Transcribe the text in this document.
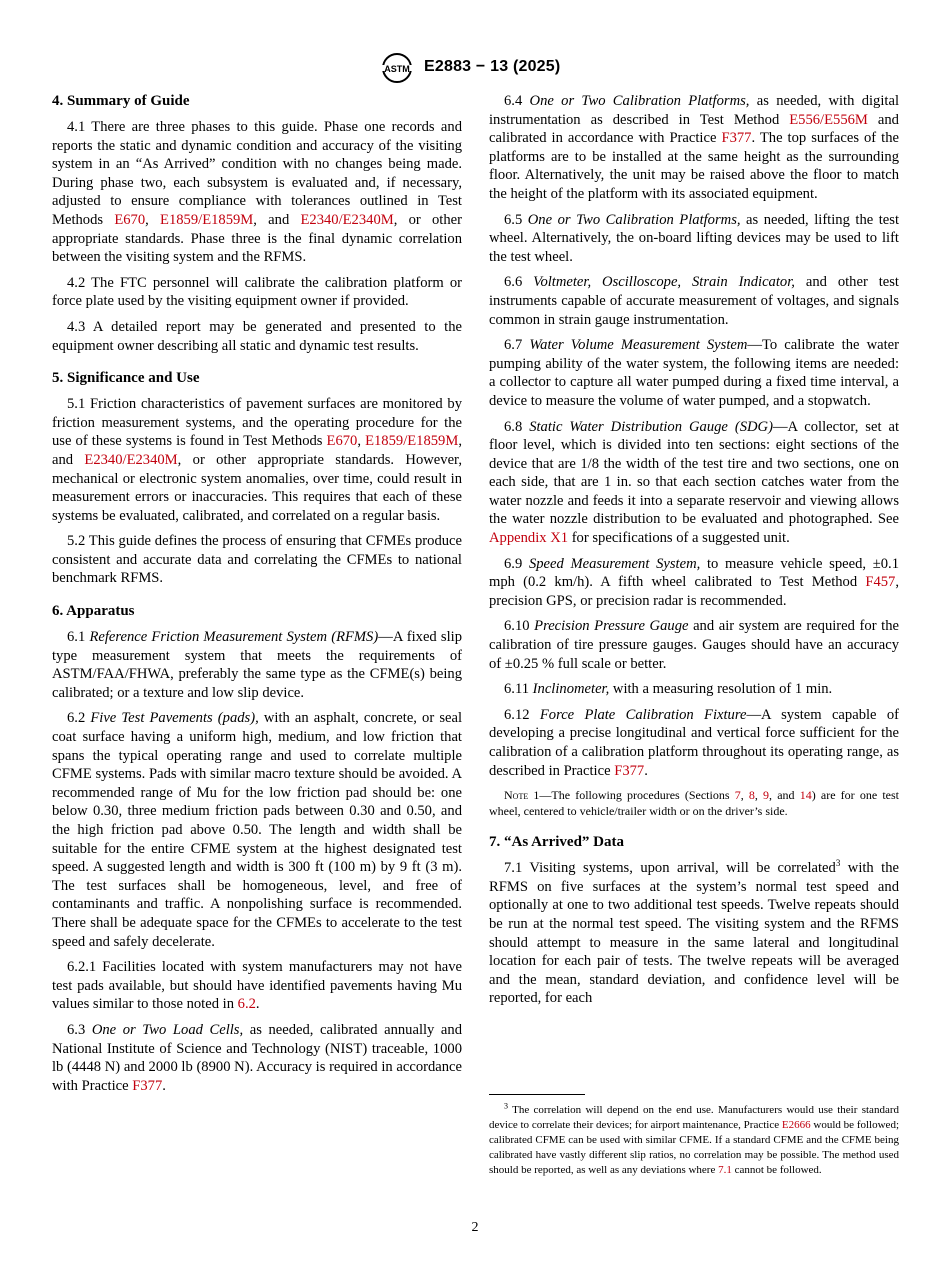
ASTM E2883 − 13 (2025)
4. Summary of Guide

4.1 There are three phases to this guide. Phase one records and reports the static and dynamic condition and accuracy of the visiting system in an “As Arrived” condition with no changes being made. During phase two, each subsystem is evaluated and, if necessary, adjusted to ensure compliance with tolerances outlined in Test Methods E670, E1859/E1859M, and E2340/E2340M, or other appropriate standards. Phase three is the final dynamic correlation between the visiting system and the RFMS.

4.2 The FTC personnel will calibrate the calibration platform or force plate used by the visiting equipment owner if provided.

4.3 A detailed report may be generated and presented to the equipment owner describing all static and dynamic test results.

5. Significance and Use

5.1 Friction characteristics of pavement surfaces are monitored by friction measurement systems, and the operating procedure for the use of these systems is found in Test Methods E670, E1859/E1859M, and E2340/E2340M, or other appropriate standards. However, mechanical or electronic system anomalies, over time, could result in measurement errors or inaccuracies. This requires that each of these systems be evaluated, calibrated, and correlated on a regular basis.

5.2 This guide defines the process of ensuring that CFMEs produce consistent and accurate data and correlating the CFMEs to national benchmark RFMS.

6. Apparatus

6.1 Reference Friction Measurement System (RFMS)—A fixed slip type measurement system that meets the requirements of ASTM/FAA/FHWA, preferably the same type as the CFME(s) being calibrated; or a texture and low slip device.

6.2 Five Test Pavements (pads), with an asphalt, concrete, or seal coat surface having a uniform high, medium, and low friction that spans the typical operating range and used to correlate multiple CFME systems. Pads with similar macro texture should be avoided. A recommended range of Mu for the low friction pad should be: one below 0.30, three medium friction pads between 0.30 and 0.50, and the high friction pad above 0.50. The length and width shall be suitable for the entire CFME system at the highest designated test speed. A suggested length and width is 300 ft (100 m) by 9 ft (3 m). The test surfaces shall be homogeneous, level, and free of contaminants and traffic. A nonpolishing surface is recommended. There shall be adequate space for the CFMEs to accelerate to the test speed and safely decelerate.

6.2.1 Facilities located with system manufacturers may not have test pads available, but should have identified pavements having Mu values similar to those noted in 6.2.

6.3 One or Two Load Cells, as needed, calibrated annually and National Institute of Science and Technology (NIST) traceable, 1000 lb (4448 N) and 2000 lb (8900 N). Accuracy is required in accordance with Practice F377.

6.4 One or Two Calibration Platforms, as needed, with digital instrumentation as described in Test Method E556/E556M and calibrated in accordance with Practice F377. The top surfaces of the platforms are to be installed at the same height as the surrounding floor. Alternatively, the unit may be raised above the floor to match the height of the platform with its associated equipment.

6.5 One or Two Calibration Platforms, as needed, lifting the test wheel. Alternatively, the on-board lifting devices may be used to lift the test wheel.

6.6 Voltmeter, Oscilloscope, Strain Indicator, and other test instruments capable of accurate measurement of voltages, and signals common in strain gauge instrumentation.

6.7 Water Volume Measurement System—To calibrate the water pumping ability of the water system, the following items are needed: a collector to capture all water pumped during a fixed time interval, a device to measure the volume of water pumped, and a stopwatch.

6.8 Static Water Distribution Gauge (SDG)—A collector, set at floor level, which is divided into ten sections: eight sections of the device that are 1/8 the width of the test tire and two sections, one on each side, that are 1 in. so that each section catches water from the water nozzle and feeds it into a separate reservoir and viewing allows the water nozzle distribution to be evaluated and photographed. See Appendix X1 for specifications of a suggested unit.

6.9 Speed Measurement System, to measure vehicle speed, ±0.1 mph (0.2 km/h). A fifth wheel calibrated to Test Method F457, precision GPS, or precision radar is recommended.

6.10 Precision Pressure Gauge and air system are required for the calibration of tire pressure gauges. Gauges should have an accuracy of ±0.25 % full scale or better.

6.11 Inclinometer, with a measuring resolution of 1 min.

6.12 Force Plate Calibration Fixture—A system capable of developing a precise longitudinal and vertical force sufficient for the calibration of a calibration platform throughout its operating range, as described in Practice F377.

Note 1—The following procedures (Sections 7, 8, 9, and 14) are for one test wheel, centered to vehicle/trailer width or on the driver’s side.
7. “As Arrived” Data

7.1 Visiting systems, upon arrival, will be correlated$^3$ with the RFMS on five surfaces at the system’s normal test speed and optionally at one to two additional test speeds. Twelve repeats should be run at the normal test speed. The visiting system and the RFMS should attempt to measure in the same lateral and longitudinal location for each pair of tests. The twelve repeats will be averaged and the mean, standard deviation, and confidence level will be reported, for each

$^3$ The correlation will depend on the end use. Manufacturers would use their standard device to correlate their devices; for airport maintenance, Practice E2666 would be followed; calibrated CFME can be used with similar CFME. If a standard CFME and the CFME being calibrated have vastly different slip ratios, no correlation may be possible. The method used should be reported, as well as any deviations where 7.1 cannot be followed.
2
